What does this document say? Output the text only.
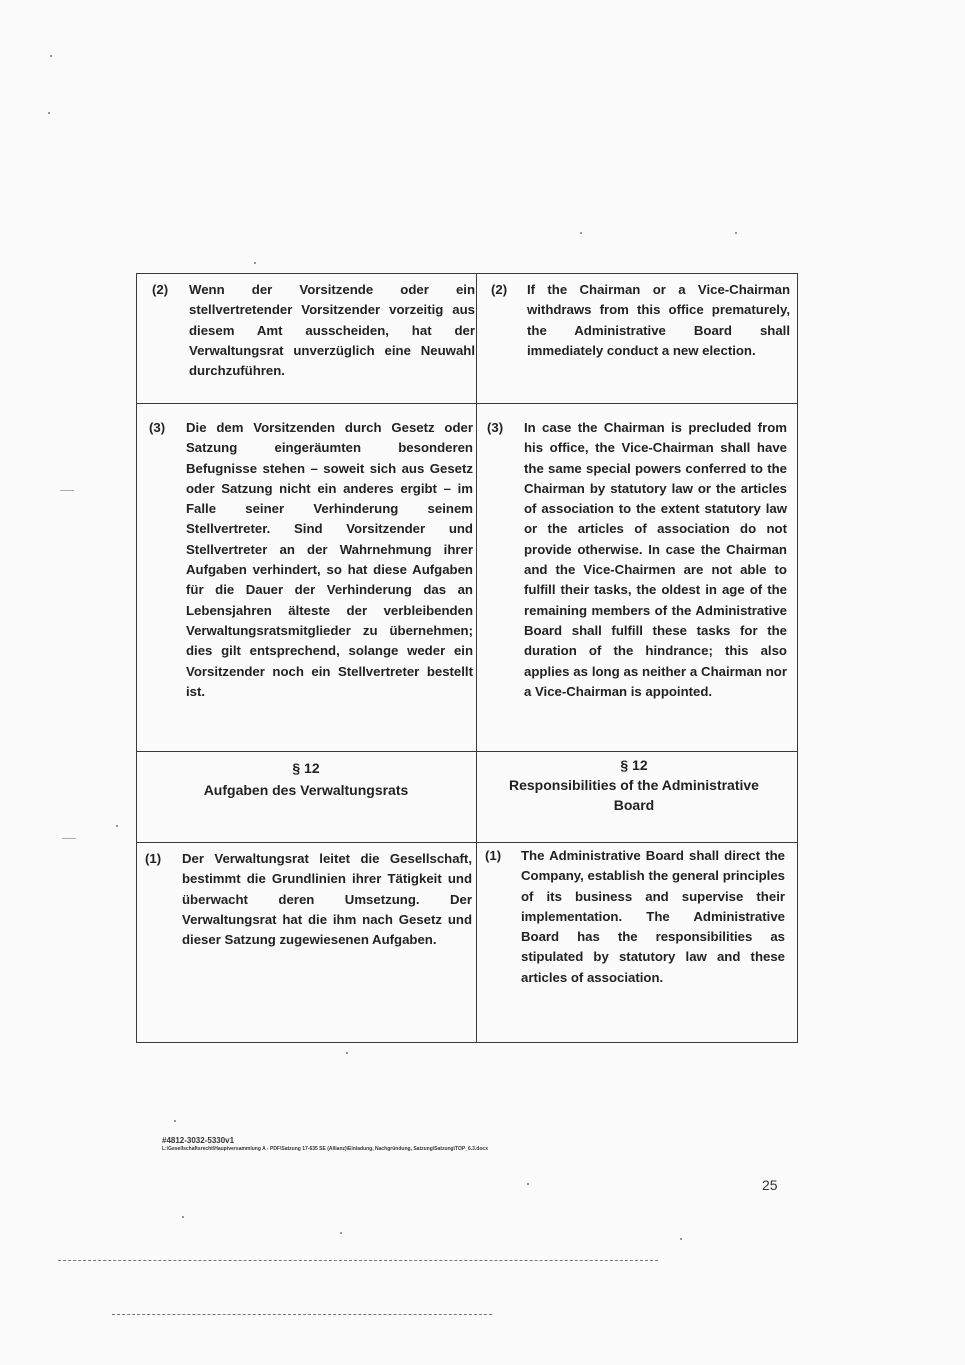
(2) Wenn der Vorsitzende oder ein stellvertretender Vorsitzender vorzeitig aus diesem Amt ausscheiden, hat der Verwaltungsrat unverzüglich eine Neuwahl durchzuführen.
(2) If the Chairman or a Vice-Chairman withdraws from this office prematurely, the Administrative Board shall immediately conduct a new election.
(3) Die dem Vorsitzenden durch Gesetz oder Satzung eingeräumten besonderen Befugnisse stehen – soweit sich aus Gesetz oder Satzung nicht ein anderes ergibt – im Falle seiner Verhinderung seinem Stellvertreter. Sind Vorsitzender und Stellvertreter an der Wahrnehmung ihrer Aufgaben verhindert, so hat diese Aufgaben für die Dauer der Verhinderung das an Lebensjahren älteste der verbleibenden Verwaltungsratsmitglieder zu übernehmen; dies gilt entsprechend, solange weder ein Vorsitzender noch ein Stellvertreter bestellt ist.
(3) In case the Chairman is precluded from his office, the Vice-Chairman shall have the same special powers conferred to the Chairman by statutory law or the articles of association to the extent statutory law or the articles of association do not provide otherwise. In case the Chairman and the Vice-Chairmen are not able to fulfill their tasks, the oldest in age of the remaining members of the Administrative Board shall fulfill these tasks for the duration of the hindrance; this also applies as long as neither a Chairman nor a Vice-Chairman is appointed.
§ 12
Aufgaben des Verwaltungsrats
§ 12
Responsibilities of the Administrative Board
(1) Der Verwaltungsrat leitet die Gesellschaft, bestimmt die Grundlinien ihrer Tätigkeit und überwacht deren Umsetzung. Der Verwaltungsrat hat die ihm nach Gesetz und dieser Satzung zugewiesenen Aufgaben.
(1) The Administrative Board shall direct the Company, establish the general principles of its business and supervise their implementation. The Administrative Board has the responsibilities as stipulated by statutory law and these articles of association.
#4812-3032-5330v1
L:\Gesellschaftsrecht\Hauptversammlung A - PDF\Satzung 17-635 SE (Allianz)\Einladung, Nachgründung, Satzung\Satzung\TOP_6.3.docx
25
